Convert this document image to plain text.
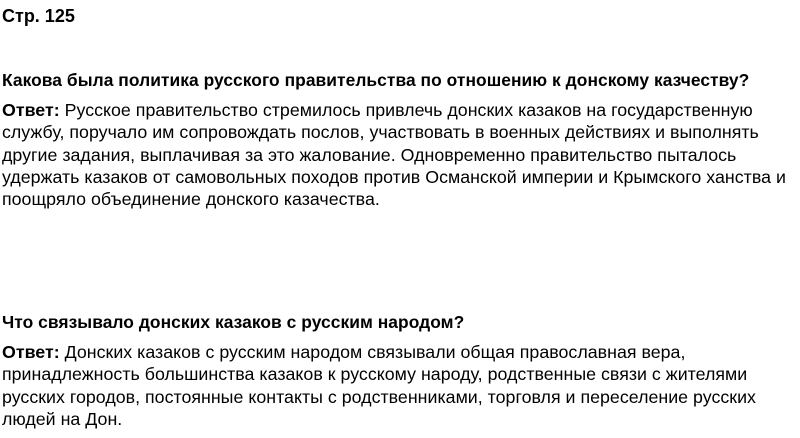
Стр. 125

Какова была политика русского правительства по отношению к донскому казчеству?

Ответ: Русское правительство стремилось привлечь донских казаков на государственную службу, поручало им сопровождать послов, участвовать в военных действиях и выполнять другие задания, выплачивая за это жалование. Одновременно правительство пыталось удержать казаков от самовольных походов против Османской империи и Крымского ханства и поощряло объединение донского казачества.

Что связывало донских казаков с русским народом?

Ответ: Донских казаков с русским народом связывали общая православная вера, принадлежность большинства казаков к русскому народу, родственные связи с жителями русских городов, постоянные контакты с родственниками, торговля и переселение русских людей на Дон.
